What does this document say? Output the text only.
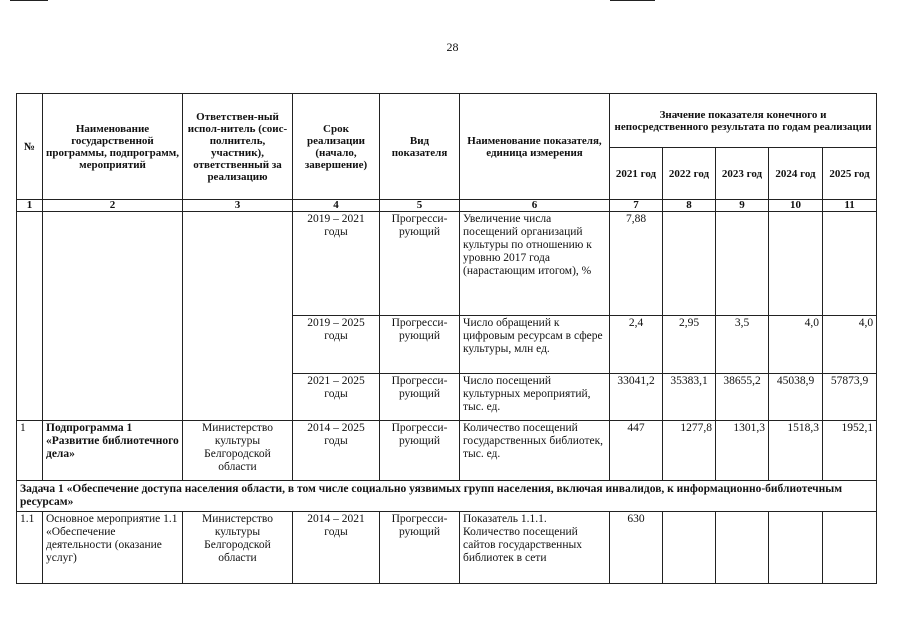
28
№	Наименование государственной программы, подпрограмм, мероприятий	Ответствен-ный испол-нитель (соис-полнитель, участник), ответственный за реализацию	Срок реализации (начало, завершение)	Вид показателя	Наименование показателя, единица измерения	Значение показателя конечного и непосредственного результата по годам реализации				
						2021 год	2022 год	2023 год	2024 год	2025 год
1	2	3	4	5	6	7	8	9	10	11
			2019 – 2021 годы	Прогресси-рующий	Увеличение числа посещений организаций культуры по отношению к уровню 2017 года (нарастающим итогом), %	7,88				
			2019 – 2025 годы	Прогресси-рующий	Число обращений к цифровым ресурсам в сфере культуры, млн ед.	2,4	2,95	3,5	4,0	4,0
			2021 – 2025 годы	Прогресси-рующий	Число посещений культурных мероприятий, тыс. ед.	33041,2	35383,1	38655,2	45038,9	57873,9
1	Подпрограмма 1 «Развитие библиотечного дела»	Министерство культуры Белгородской области	2014 – 2025 годы	Прогресси-рующий	Количество посещений государственных библиотек, тыс. ед.	447	1277,8	1301,3	1518,3	1952,1
Задача 1 «Обеспечение доступа населения области, в том числе социально уязвимых групп населения, включая инвалидов, к информационно-библиотечным ресурсам»										
1.1	Основное мероприятие 1.1 «Обеспечение деятельности (оказание услуг)	Министерство культуры Белгородской области	2014 – 2021 годы	Прогресси-рующий	Показатель 1.1.1. Количество посещений сайтов государственных библиотек в сети	630				
